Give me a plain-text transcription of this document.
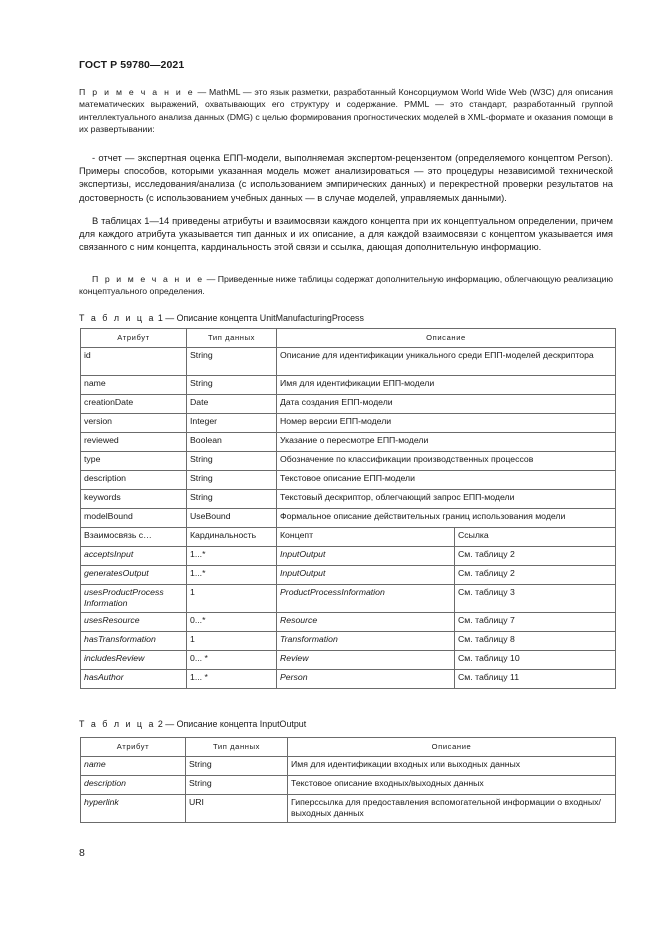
ГОСТ Р 59780—2021
П р и м е ч а н и е — MathML — это язык разметки, разработанный Консорциумом World Wide Web (W3C) для описания математических выражений, охватывающих его структуру и содержание. PMML — это стандарт, разработанный группой интеллектуального анализа данных (DMG) с целью формирования прогностических моделей в XML-формате и оказания помощи в их развертывании:
- отчет — экспертная оценка ЕПП-модели, выполняемая экспертом-рецензентом (определяемого концептом Person). Примеры способов, которыми указанная модель может анализироваться — это процедуры независимой технической экспертизы, исследования/анализа (с использованием эмпирических данных) и перекрестной проверки результатов на достоверность (с использованием учебных данных — в случае моделей, управляемых данными).
В таблицах 1—14 приведены атрибуты и взаимосвязи каждого концепта при их концептуальном определении, причем для каждого атрибута указывается тип данных и их описание, а для каждой взаимосвязи с концептом указывается имя связанного с ним концепта, кардинальность этой связи и ссылка, дающая дополнительную информацию.
П р и м е ч а н и е — Приведенные ниже таблицы содержат дополнительную информацию, облегчающую реализацию концептуального определения.
Т а б л и ц а 1 — Описание концепта UnitManufacturingProcess
Атрибут	Тип данных	Описание	
id	String	Описание для идентификации уникального среди ЕПП-моделей дескриптора	
name	String	Имя для идентификации ЕПП-модели	
creationDate	Date	Дата создания ЕПП-модели	
version	Integer	Номер версии ЕПП-модели	
reviewed	Boolean	Указание о пересмотре ЕПП-модели	
type	String	Обозначение по классификации производственных процессов	
description	String	Текстовое описание ЕПП-модели	
keywords	String	Текстовый дескриптор, облегчающий запрос ЕПП-модели	
modelBound	UseBound	Формальное описание действительных границ использования модели	
Взаимосвязь с…	Кардинальность	Концепт	Ссылка
acceptsInput	1...*	InputOutput	См. таблицу 2
generatesOutput	1...*	InputOutput	См. таблицу 2
usesProductProcess Information	1	ProductProcessInformation	См. таблицу 3
usesResource	0...*	Resource	См. таблицу 7
hasTransformation	1	Transformation	См. таблицу 8
includesReview	0... *	Review	См. таблицу 10
hasAuthor	1... *	Person	См. таблицу 11
Т а б л и ц а 2 — Описание концепта InputOutput
Атрибут	Тип данных	Описание
name	String	Имя для идентификации входных или выходных данных
description	String	Текстовое описание входных/выходных данных
hyperlink	URI	Гиперссылка для предоставления вспомогательной информации о входных/выходных данных
8
